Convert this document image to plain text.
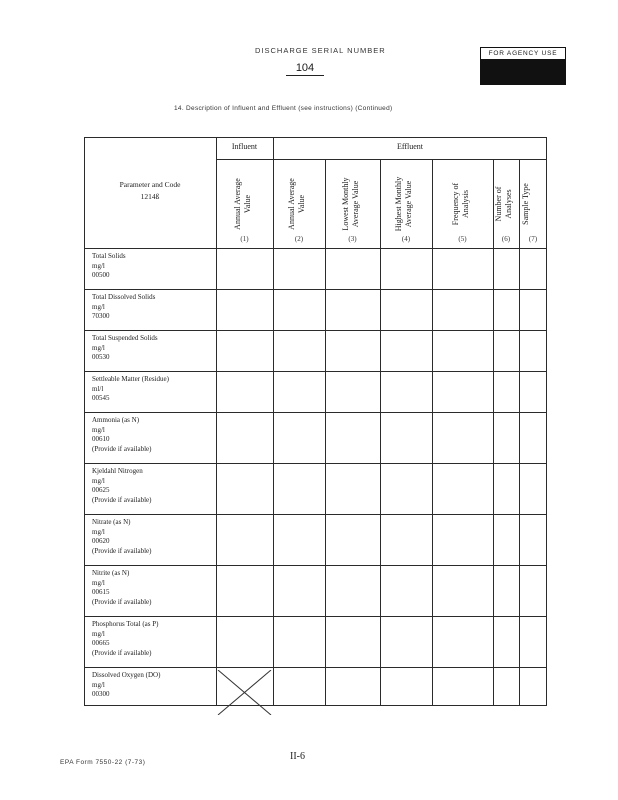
DISCHARGE SERIAL NUMBER
104
FOR AGENCY USE
14. Description of Influent and Effluent (see instructions) (Continued)
Influent	Effluent
Parameter and Code
1214ß
Annual Average
Value
(1)
Annual Average
Value
(2)
Lowest Monthly
Average Value
(3)
Highest Monthly
Average Value
(4)
Frequency of
Analysis
(5)
Number of
Analyses
(6)
Sample Type
(7)
Total Solids
mg/l
00500
Total Dissolved Solids
mg/l
70300
Total Suspended Solids
mg/l
00530
Settleable Matter (Residue)
ml/l
00545
Ammonia (as N)
mg/l
00610
(Provide if available)
Kjeldahl Nitrogen
mg/l
00625
(Provide if available)
Nitrate (as N)
mg/l
00620
(Provide if available)
Nitrite (as N)
mg/l
00615
(Provide if available)
Phosphorus Total (as P)
mg/l
00665
(Provide if available)
Dissolved Oxygen (DO)
mg/l
00300
EPA Form 7550-22 (7-73)
II-6
